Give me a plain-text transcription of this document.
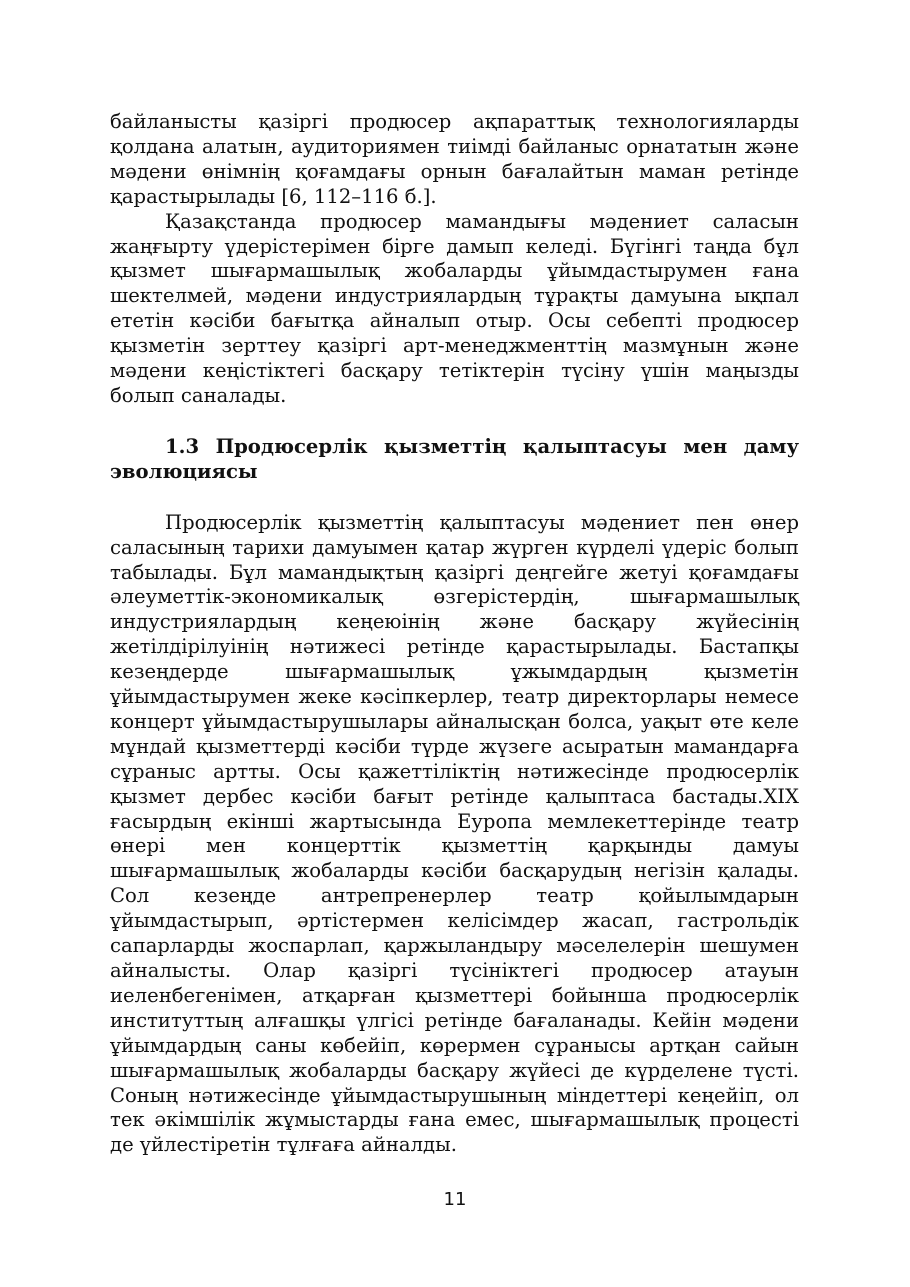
байланысты қазіргі продюсер ақпараттық технологияларды қолдана алатын, аудиториямен тиімді байланыс орнататын және мәдени өнімнің қоғамдағы орнын бағалайтын маман ретінде қарастырылады [6, 112–116 б.].

Қазақстанда продюсер мамандығы мәдениет саласын жаңғырту үдерістерімен бірге дамып келеді. Бүгінгі таңда бұл қызмет шығармашылық жобаларды ұйымдастырумен ғана шектелмей, мәдени индустриялардың тұрақты дамуына ықпал ететін кәсіби бағытқа айналып отыр. Осы себепті продюсер қызметін зерттеу қазіргі арт-менеджменттің мазмұнын және мәдени кеңістіктегі басқару тетіктерін түсіну үшін маңызды болып саналады.

1.3 Продюсерлік қызметтің қалыптасуы мен даму эволюциясы

Продюсерлік қызметтің қалыптасуы мәдениет пен өнер саласының тарихи дамуымен қатар жүрген күрделі үдеріс болып табылады. Бұл мамандықтың қазіргі деңгейге жетуі қоғамдағы әлеуметтік-экономикалық өзгерістердің, шығармашылық индустриялардың кеңеюінің және басқару жүйесінің жетілдірілуінің нәтижесі ретінде қарастырылады. Бастапқы кезеңдерде шығармашылық ұжымдардың қызметін ұйымдастырумен жеке кәсіпкерлер, театр директорлары немесе концерт ұйымдастырушылары айналысқан болса, уақыт өте келе мұндай қызметтерді кәсіби түрде жүзеге асыратын мамандарға сұраныс артты. Осы қажеттіліктің нәтижесінде продюсерлік қызмет дербес кәсіби бағыт ретінде қалыптаса бастады.XIX ғасырдың екінші жартысында Еуропа мемлекеттерінде театр өнері мен концерттік қызметтің қарқынды дамуы шығармашылық жобаларды кәсіби басқарудың негізін қалады. Сол кезеңде антрепренерлер театр қойылымдарын ұйымдастырып, әртістермен келісімдер жасап, гастрольдік сапарларды жоспарлап, қаржыландыру мәселелерін шешумен айналысты. Олар қазіргі түсініктегі продюсер атауын иеленбегенімен, атқарған қызметтері бойынша продюсерлік институттың алғашқы үлгісі ретінде бағаланады. Кейін мәдени ұйымдардың саны көбейіп, көрермен сұранысы артқан сайын шығармашылық жобаларды басқару жүйесі де күрделене түсті. Соның нәтижесінде ұйымдастырушының міндеттері кеңейіп, ол тек әкімшілік жұмыстарды ғана емес, шығармашылық процесті де үйлестіретін тұлғаға айналды.

11
